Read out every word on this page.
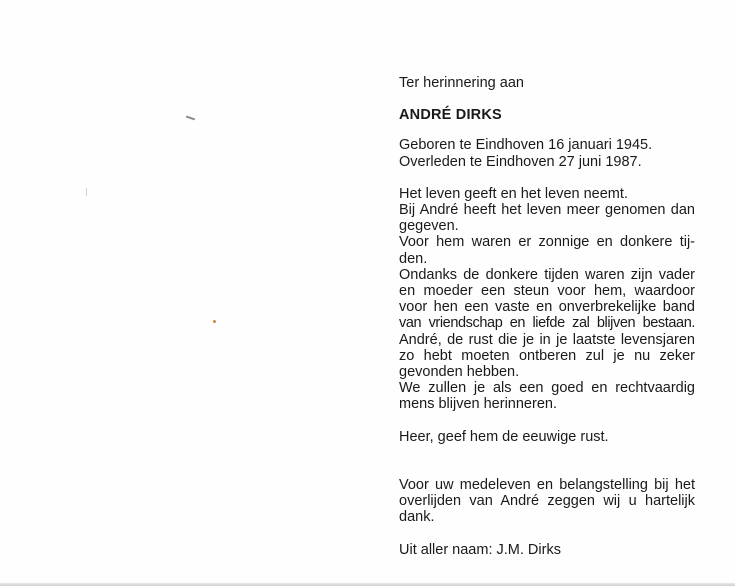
Ter herinnering aan

ANDRÉ DIRKS

Geboren te Eindhoven 16 januari 1945.

Overleden te Eindhoven 27 juni 1987.

Het leven geeft en het leven neemt.
Bij André heeft het leven meer genomen dan
gegeven.
Voor hem waren er zonnige en donkere tij-
den.
Ondanks de donkere tijden waren zijn vader
en moeder een steun voor hem, waardoor
voor hen een vaste en onverbrekelijke band
van vriendschap en liefde zal blijven bestaan.
André, de rust die je in je laatste levensjaren
zo hebt moeten ontberen zul je nu zeker
gevonden hebben.
We zullen je als een goed en rechtvaardig
mens blijven herinneren.

Heer, geef hem de eeuwige rust.

Voor uw medeleven en belangstelling bij het
overlijden van André zeggen wij u hartelijk
dank.

Uit aller naam: J.M. Dirks
